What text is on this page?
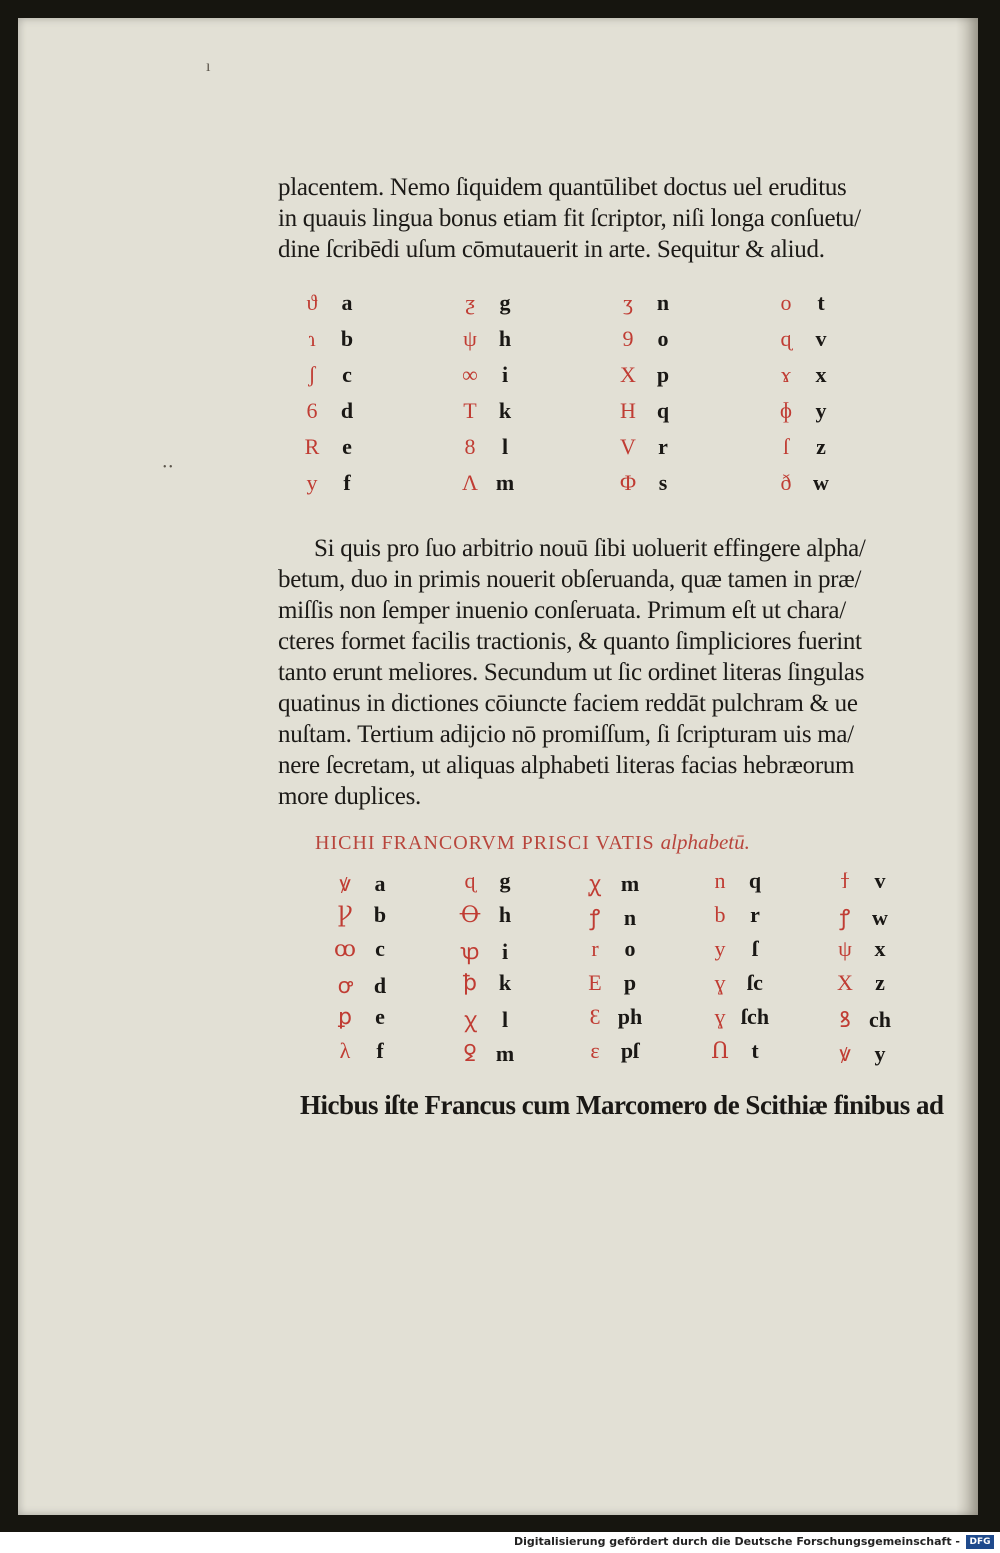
ı
• •
placentem. Nemo ſiquidem quantūlibet doctus uel eruditus
in quauis lingua bonus etiam fit ſcriptor, niſi longa conſuetu/
dine ſcribēdi uſum cōmutauerit in arte. Sequitur & aliud.
ϑ a
ɿ b
ʃ c
6 d
R e
y f
ƺ g
ψ h
∞ i
T k
8 l
Λ m
ʒ n
9 o
X p
H q
V r
Φ s
o t
ɋ v
ɤ x
ɸ y
ſ z
ð w
Si quis pro ſuo arbitrio nouū ſibi uoluerit effingere alpha/
betum, duo in primis nouerit obſeruanda, quæ tamen in præ/
miſſis non ſemper inuenio conſeruata. Primum eſt ut chara/
cteres formet facilis tractionis, & quanto ſimpliciores fuerint
tanto erunt meliores. Secundum ut ſic ordinet literas ſingulas
quatinus in dictiones cōiuncte faciem reddāt pulchram & ue
nuſtam. Tertium adijcio nō promiſſum, ſi ſcripturam uis ma/
nere ſecretam, ut aliquas alphabeti literas facias hebræorum
more duplices.
HICHI FRANCORVM PRISCI VATIS alphabetū.
ꝟ a
Ꝩ b
ꝏ c
ꝍ d
ꝑ e
λ f
ɋ g
Ꝋ h
ꝕ i
ꝥ k
ꭓ l
ꝿ m
ꭕ m
ꝭ n
r o
E p
Ɛ ph
ε pſ
n q
b r
y ſ
ɣ ſc
ɣ ſch
Ո t
ϯ v
ꝭ w
ψ x
X z
ꝸ ch
ꝟ y
Hicbus iſte Francus cum Marcomero de Scithiæ finibus ad
Digitalisierung gefördert durch die Deutsche Forschungsgemeinschaft -	DFG
